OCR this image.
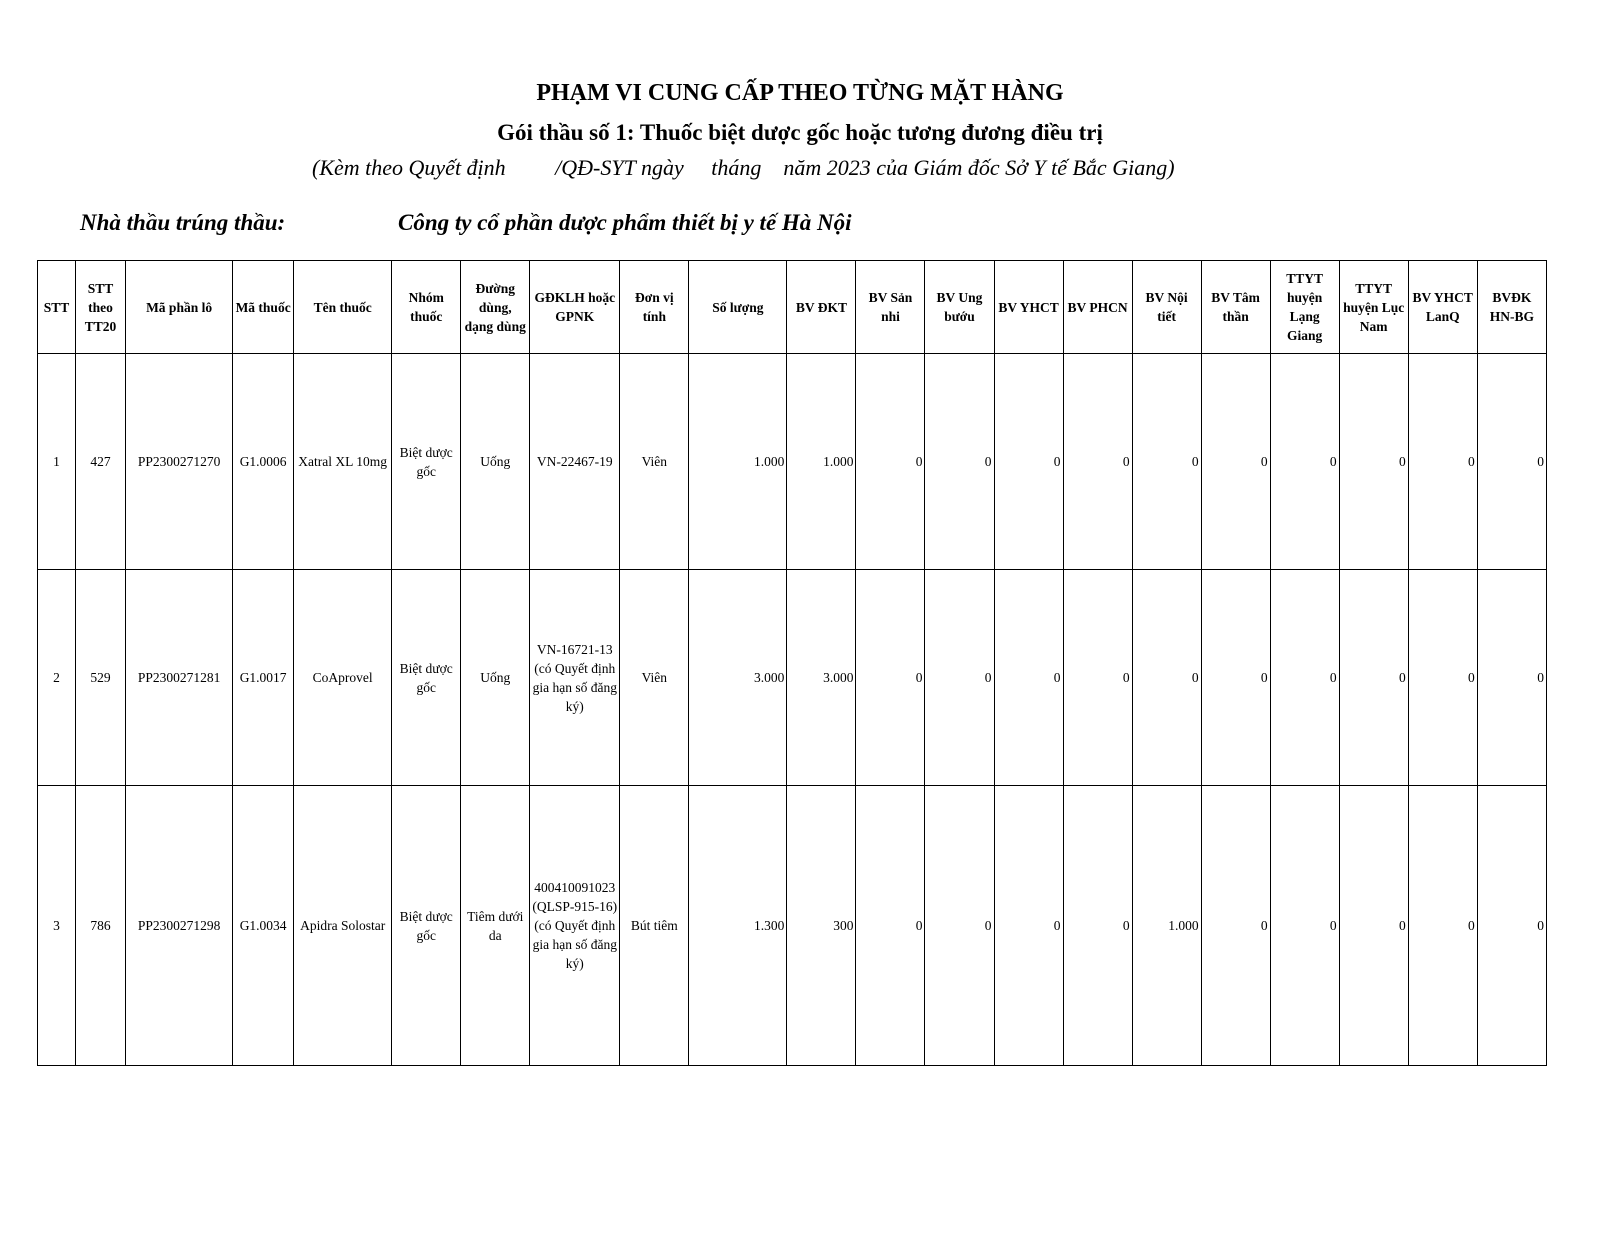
PHẠM VI CUNG CẤP THEO TỪNG MẶT HÀNG
Gói thầu số 1: Thuốc biệt dược gốc hoặc tương đương điều trị
(Kèm theo Quyết định         /QĐ-SYT ngày     tháng    năm 2023 của Giám đốc Sở Y tế Bắc Giang)
Nhà thầu trúng thầu:	Công ty cổ phần dược phẩm thiết bị y tế Hà Nội
STT	STT theo TT20	Mã phần lô	Mã thuốc	Tên thuốc	Nhóm thuốc	Đường dùng, dạng dùng	GĐKLH hoặc GPNK	Đơn vị tính	Số lượng	BV ĐKT	BV Sản nhi	BV Ung bướu	BV YHCT	BV PHCN	BV Nội tiết	BV Tâm thần	TTYT huyện Lạng Giang	TTYT huyện Lục Nam	BV YHCT LanQ	BVĐK HN-BG
1	427	PP2300271270	G1.0006	Xatral XL 10mg	Biệt dược gốc	Uống	VN-22467-19	Viên	1.000	1.000	0	0	0	0	0	0	0	0	0	0
2	529	PP2300271281	G1.0017	CoAprovel	Biệt dược gốc	Uống	VN-16721-13 (có Quyết định gia hạn số đăng ký)	Viên	3.000	3.000	0	0	0	0	0	0	0	0	0	0
3	786	PP2300271298	G1.0034	Apidra Solostar	Biệt dược gốc	Tiêm dưới da	400410091023 (QLSP-915-16) (có Quyết định gia hạn số đăng ký)	Bút tiêm	1.300	300	0	0	0	0	1.000	0	0	0	0	0
